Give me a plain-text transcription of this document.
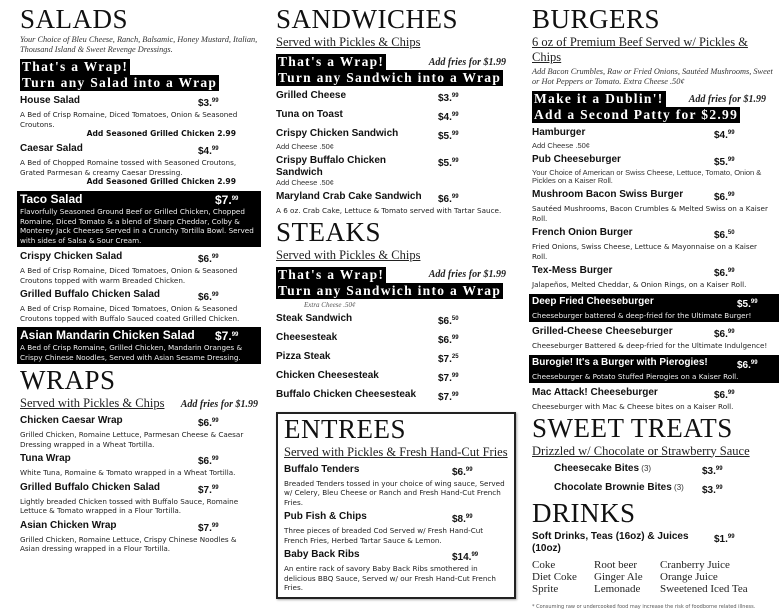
SALADS
Your Choice of Bleu Cheese, Ranch, Balsamic, Honey Mustard, Italian, Thousand Island & Sweet Revenge Dressings.
That's a Wrap!
Turn any Salad into a Wrap
House Salad	$3.99
A Bed of Crisp Romaine, Diced Tomatoes, Onion & Seasoned Croutons.
Add Seasoned Grilled Chicken 2.99
Caesar Salad	$4.99
A Bed of Chopped Romaine tossed with Seasoned Croutons, Grated Parmesan & creamy Caesar Dressing.
Add Seasoned Grilled Chicken 2.99
Taco Salad	$7.99
Flavorfully Seasoned Ground Beef or Grilled Chicken, Chopped Romaine, Diced Tomato & a blend of Sharp Cheddar, Colby & Monterey Jack Cheeses Served in a Crunchy Tortilla Bowl. Served with sides of Salsa & Sour Cream.
Crispy Chicken Salad	$6.99
A Bed of Crisp Romaine, Diced Tomatoes, Onion & Seasoned Croutons topped with warm Breaded Chicken.
Grilled Buffalo Chicken Salad	$6.99
A Bed of Crisp Romaine, Diced Tomatoes, Onion & Seasoned Croutons topped with Buffalo Sauced coated Grilled Chicken.
Asian Mandarin Chicken Salad	$7.99
A Bed of Crisp Romaine, Grilled Chicken, Mandarin Oranges & Crispy Chinese Noodles, Served with Asian Sesame Dressing.
WRAPS
Served with Pickles & Chips Add fries for $1.99
Chicken Caesar Wrap	$6.99
Grilled Chicken, Romaine Lettuce, Parmesan Cheese & Caesar Dressing wrapped in a Wheat Tortilla.
Tuna Wrap	$6.99
White Tuna, Romaine & Tomato wrapped in a Wheat Tortilla.
Grilled Buffalo Chicken Salad	$7.99
Lightly breaded Chicken tossed with Buffalo Sauce, Romaine Lettuce & Tomato wrapped in a Flour Tortilla.
Asian Chicken Wrap	$7.99
Grilled Chicken, Romaine Lettuce, Crispy Chinese Noodles & Asian dressing wrapped in a Flour Tortilla.
SANDWICHES
Served with Pickles & Chips
That's a Wrap!	Add fries for $1.99
Turn any Sandwich into a Wrap
Grilled Cheese	$3.99
Tuna on Toast	$4.99
Crispy Chicken Sandwich	$5.99
Add Cheese .50¢
Crispy Buffalo Chicken Sandwich
$5.99
Add Cheese .50¢
Maryland Crab Cake Sandwich	$6.99
A 6 oz. Crab Cake, Lettuce & Tomato served with Tartar Sauce.
STEAKS
Served with Pickles & Chips
That's a Wrap!	Add fries for $1.99
Turn any Sandwich into a Wrap
Extra Cheese .50¢
Steak Sandwich	$6.50
Cheesesteak	$6.99
Pizza Steak	$7.25
Chicken Cheesesteak	$7.99
Buffalo Chicken Cheesesteak	$7.99
ENTREES
Served with Pickles & Fresh Hand-Cut Fries
Buffalo Tenders	$6.99
Breaded Tenders tossed in your choice of wing sauce, Served w/ Celery, Bleu Cheese or Ranch and Fresh Hand-Cut French Fries.
Pub Fish & Chips	$8.99
Three pieces of breaded Cod Served w/ Fresh Hand-Cut French Fries, Herbed Tartar Sauce & Lemon.
Baby Back Ribs	$14.99
An entire rack of savory Baby Back Ribs smothered in delicious BBQ Sauce, Served w/ our Fresh Hand-Cut French Fries.
BURGERS
6 oz of Premium Beef Served w/ Pickles & Chips
Add Bacon Crumbles, Raw or Fried Onions, Sautéed Mushrooms, Sweet or Hot Peppers or Tomato. Extra Cheese .50¢
Make it a Dublin'!	Add fries for $1.99
Add a Second Patty for $2.99
Hamburger	$4.99
Add Cheese .50¢
Pub Cheeseburger	$5.99
Your Choice of American or Swiss Cheese, Lettuce, Tomato, Onion & Pickles on a Kaiser Roll.
Mushroom Bacon Swiss Burger	$6.99
Sautéed Mushrooms, Bacon Crumbles & Melted Swiss on a Kaiser Roll.
French Onion Burger	$6.50
Fried Onions, Swiss Cheese, Lettuce & Mayonnaise on a Kaiser Roll.
Tex-Mess Burger	$6.99
Jalapeños, Melted Cheddar, & Onion Rings, on a Kaiser Roll.
Deep Fried Cheeseburger	$5.99
Cheeseburger battered & deep-fried for the Ultimate Burger!
Grilled-Cheese Cheeseburger	$6.99
Cheeseburger Battered & deep-fried for the Ultimate Indulgence!
Burogie! It's a Burger with Pierogies!	$6.99
Cheeseburger & Potato Stuffed Pierogies on a Kaiser Roll.
Mac Attack! Cheeseburger	$6.99
Cheeseburger with Mac & Cheese bites on a Kaiser Roll.
SWEET TREATS
Drizzled w/ Chocolate or Strawberry Sauce
Cheesecake Bites (3)	$3.99
Chocolate Brownie Bites (3)	$3.99
DRINKS
Soft Drinks, Teas (16oz) & Juices (10oz)
$1.99
Coke	Root beer	Cranberry Juice
Diet Coke	Ginger Ale	Orange Juice
Sprite	Lemonade	Sweetened Iced Tea
* Consuming raw or undercooked food may increase the risk of foodborne related illness.
